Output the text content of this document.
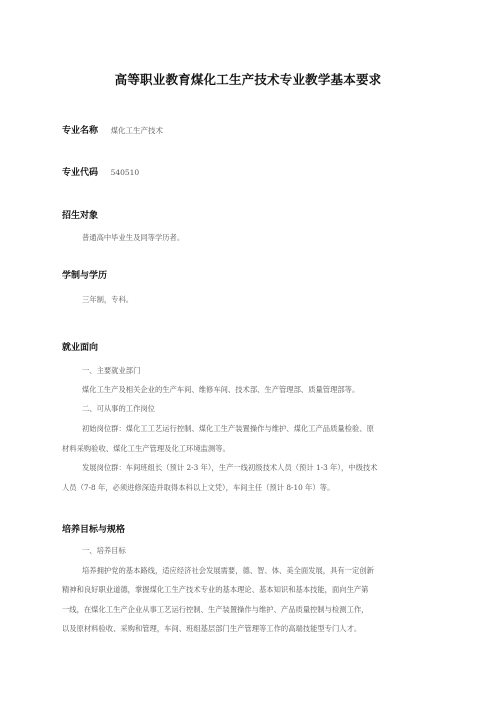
高等职业教育煤化工生产技术专业教学基本要求
专业名称 煤化工生产技术
专业代码 540510
招生对象
普通高中毕业生及同等学历者。
学制与学历
三年制，专科。
就业面向
一、主要就业部门
煤化工生产及相关企业的生产车间、维修车间、技术部、生产管理部、质量管理部等。
二、可从事的工作岗位
初始岗位群：煤化工工艺运行控制、煤化工生产装置操作与维护、煤化工产品质量检验、原
材料采购验收、煤化工生产管理及化工环境监测等。
发展岗位群：车间班组长（预计 2-3 年），生产一线初级技术人员（预计 1-3 年），中级技术
人员（7-8 年，必须进修深造并取得本科以上文凭），车间主任（预计 8-10 年）等。
培养目标与规格
一、培养目标
培养拥护党的基本路线，适应经济社会发展需要，德、智、体、美全面发展，具有一定创新
精神和良好职业道德，掌握煤化工生产技术专业的基本理论、基本知识和基本技能，面向生产第
一线，在煤化工生产企业从事工艺运行控制、生产装置操作与维护、产品质量控制与检测工作，
以及原材料验收、采购和管理，车间、班组基层部门生产管理等工作的高端技能型专门人才。
